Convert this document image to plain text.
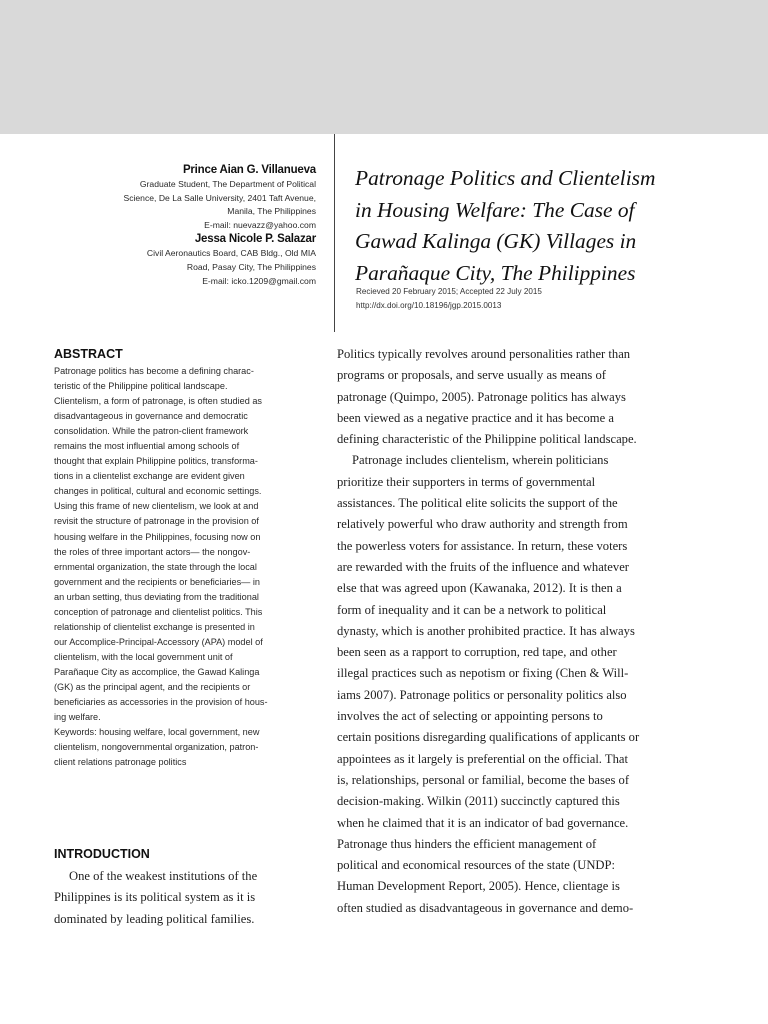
Prince Aian G. Villanueva
Graduate Student, The Department of Political
Science, De La Salle University, 2401 Taft Avenue,
Manila, The Philippines
E-mail: nuevazz@yahoo.com
Jessa Nicole P. Salazar
Civil Aeronautics Board, CAB Bldg., Old MIA
Road, Pasay City, The Philippines
E-mail: icko.1209@gmail.com
Patronage Politics and Clientelism
in Housing Welfare: The Case of
Gawad Kalinga (GK) Villages in
Parañaque City, The Philippines
Recieved 20 February 2015; Accepted 22 July 2015
http://dx.doi.org/10.18196/jgp.2015.0013
ABSTRACT
Patronage politics has become a defining charac-
teristic of the Philippine political landscape.
Clientelism, a form of patronage, is often studied as
disadvantageous in governance and democratic
consolidation. While the patron-client framework
remains the most influential among schools of
thought that explain Philippine politics, transforma-
tions in a clientelist exchange are evident given
changes in political, cultural and economic settings.
Using this frame of new clientelism, we look at and
revisit the structure of patronage in the provision of
housing welfare in the Philippines, focusing now on
the roles of three important actors— the nongov-
ernmental organization, the state through the local
government and the recipients or beneficiaries— in
an urban setting, thus deviating from the traditional
conception of patronage and clientelist politics. This
relationship of clientelist exchange is presented in
our Accomplice-Principal-Accessory (APA) model of
clientelism, with the local government unit of
Parañaque City as accomplice, the Gawad Kalinga
(GK) as the principal agent, and the recipients or
beneficiaries as accessories in the provision of hous-
ing welfare.
Keywords: housing welfare, local government, new
clientelism, nongovernmental organization, patron-
client relations patronage politics
INTRODUCTION
One of the weakest institutions of the
Philippines is its political system as it is
dominated by leading political families.
Politics typically revolves around personalities rather than
programs or proposals, and serve usually as means of
patronage (Quimpo, 2005). Patronage politics has always
been viewed as a negative practice and it has become a
defining characteristic of the Philippine political landscape.
Patronage includes clientelism, wherein politicians
prioritize their supporters in terms of governmental
assistances. The political elite solicits the support of the
relatively powerful who draw authority and strength from
the powerless voters for assistance. In return, these voters
are rewarded with the fruits of the influence and whatever
else that was agreed upon (Kawanaka, 2012). It is then a
form of inequality and it can be a network to political
dynasty, which is another prohibited practice. It has always
been seen as a rapport to corruption, red tape, and other
illegal practices such as nepotism or fixing (Chen & Will-
iams 2007). Patronage politics or personality politics also
involves the act of selecting or appointing persons to
certain positions disregarding qualifications of applicants or
appointees as it largely is preferential on the official. That
is, relationships, personal or familial, become the bases of
decision-making. Wilkin (2011) succinctly captured this
when he claimed that it is an indicator of bad governance.
Patronage thus hinders the efficient management of
political and economical resources of the state (UNDP:
Human Development Report, 2005). Hence, clientage is
often studied as disadvantageous in governance and demo-
